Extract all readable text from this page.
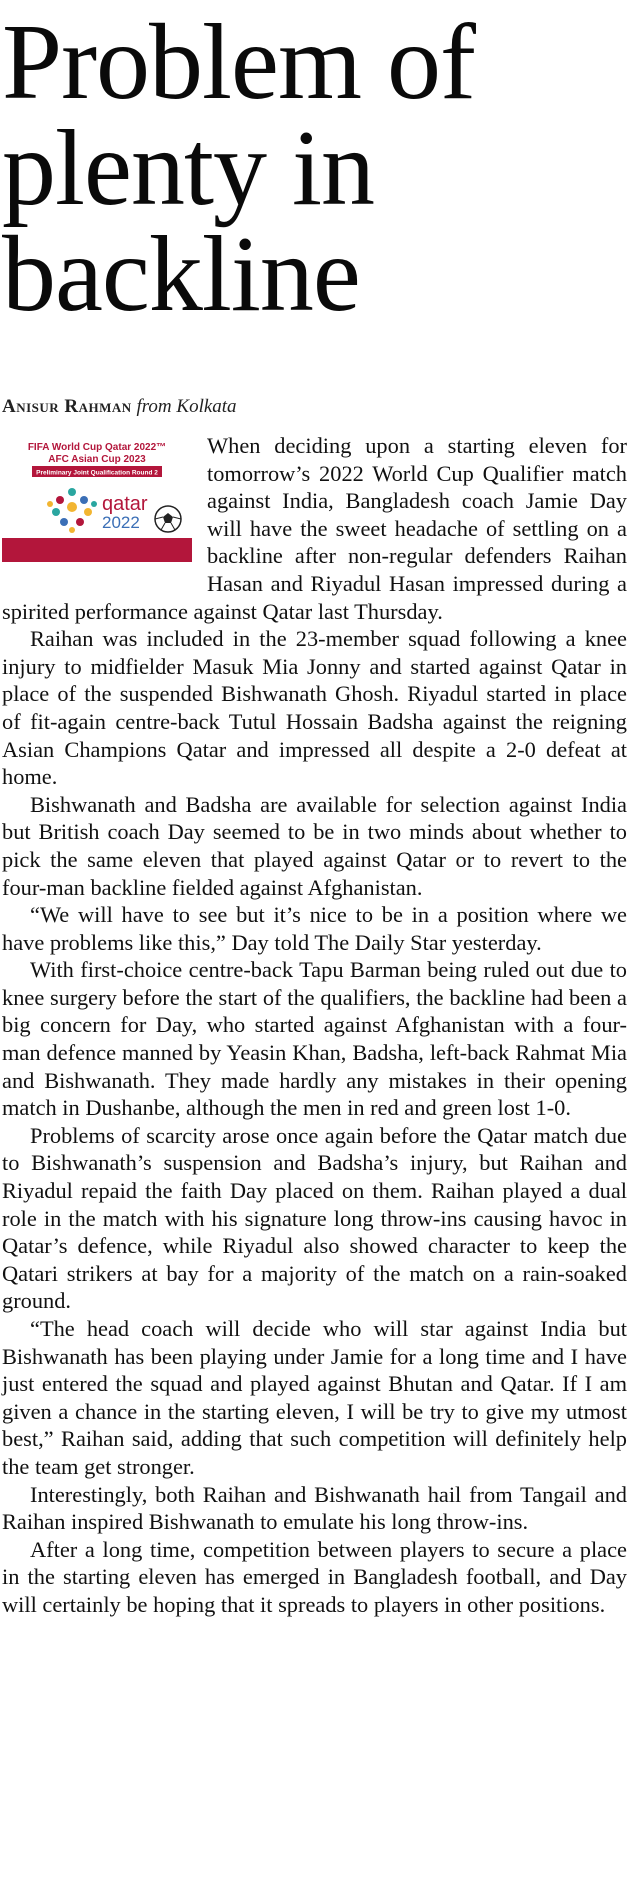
Problem of plenty in backline
Anisur Rahman from Kolkata
FIFA World Cup Qatar 2022™
AFC Asian Cup 2023
Preliminary Joint Qualification Round 2
qatar
2022

When deciding upon a starting eleven for tomorrow’s 2022 World Cup Qualifier match against India, Bangladesh coach Jamie Day will have the sweet headache of settling on a backline after non-regular defenders Raihan Hasan and Riyadul Hasan impressed during a spirited performance against Qatar last Thursday.

Raihan was included in the 23-member squad following a knee injury to midfielder Masuk Mia Jonny and started against Qatar in place of the suspended Bishwanath Ghosh. Riyadul started in place of fit-again centre-back Tutul Hossain Badsha against the reigning Asian Champions Qatar and impressed all despite a 2-0 defeat at home.

Bishwanath and Badsha are available for selection against India but British coach Day seemed to be in two minds about whether to pick the same eleven that played against Qatar or to revert to the four-man backline fielded against Afghanistan.

“We will have to see but it’s nice to be in a position where we have problems like this,” Day told The Daily Star yesterday.

With first-choice centre-back Tapu Barman being ruled out due to knee surgery before the start of the qualifiers, the backline had been a big concern for Day, who started against Afghanistan with a four-man defence manned by Yeasin Khan, Badsha, left-back Rahmat Mia and Bishwanath. They made hardly any mistakes in their opening match in Dushanbe, although the men in red and green lost 1-0.

Problems of scarcity arose once again before the Qatar match due to Bishwanath’s suspension and Badsha’s injury, but Raihan and Riyadul repaid the faith Day placed on them. Raihan played a dual role in the match with his signature long throw-ins causing havoc in Qatar’s defence, while Riyadul also showed character to keep the Qatari strikers at bay for a majority of the match on a rain-soaked ground.

“The head coach will decide who will star against India but Bishwanath has been playing under Jamie for a long time and I have just entered the squad and played against Bhutan and Qatar. If I am given a chance in the starting eleven, I will be try to give my utmost best,” Raihan said, adding that such competition will definitely help the team get stronger.

Interestingly, both Raihan and Bishwanath hail from Tangail and Raihan inspired Bishwanath to emulate his long throw-ins.

After a long time, competition between players to secure a place in the starting eleven has emerged in Bangladesh football, and Day will certainly be hoping that it spreads to players in other positions.
